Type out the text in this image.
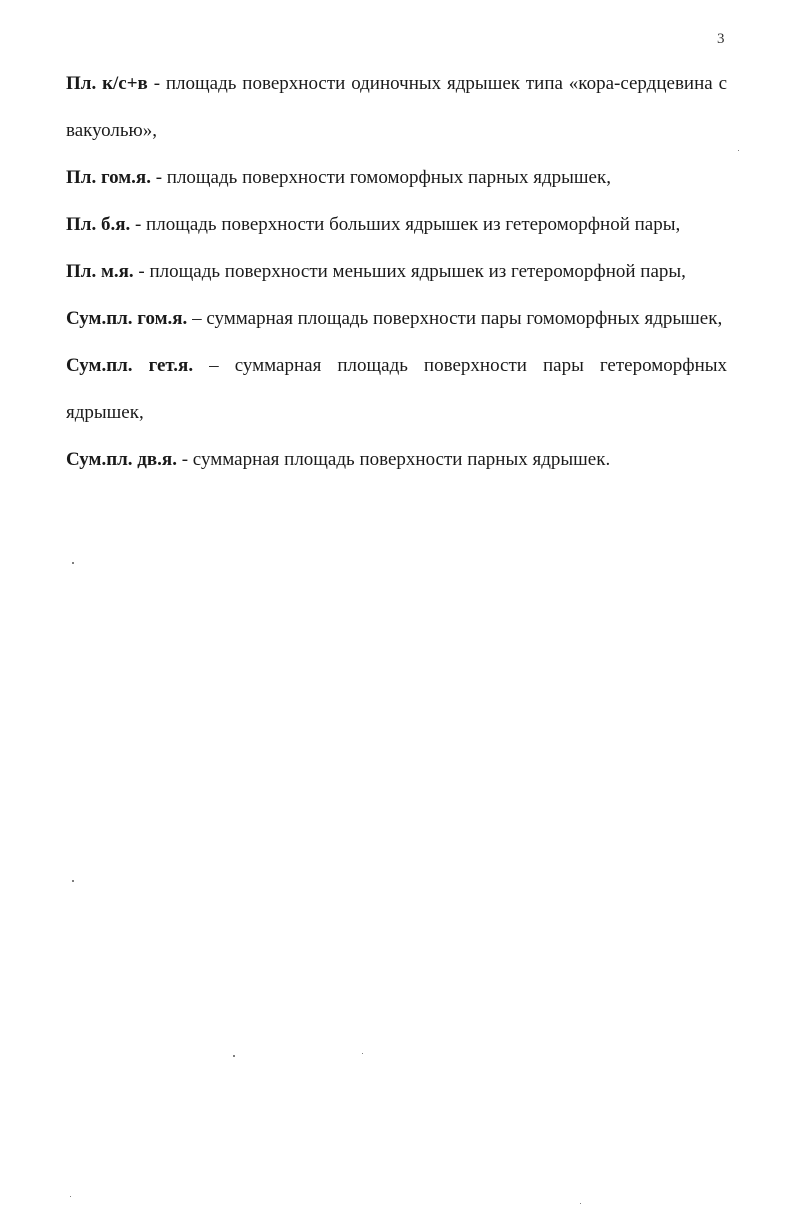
3

Пл. к/с+в - площадь поверхности одиночных ядрышек типа «кора-сердцевина с вакуолью»,

Пл. гом.я. - площадь поверхности гомоморфных парных ядрышек,

Пл. б.я. - площадь поверхности больших ядрышек из гетероморфной пары,

Пл. м.я. - площадь поверхности меньших ядрышек из гетероморфной пары,

Сум.пл. гом.я. – суммарная площадь поверхности пары гомоморфных ядрышек,

Сум.пл. гет.я. – суммарная площадь поверхности пары гетероморфных ядрышек,

Сум.пл. дв.я. - суммарная площадь поверхности парных ядрышек.
